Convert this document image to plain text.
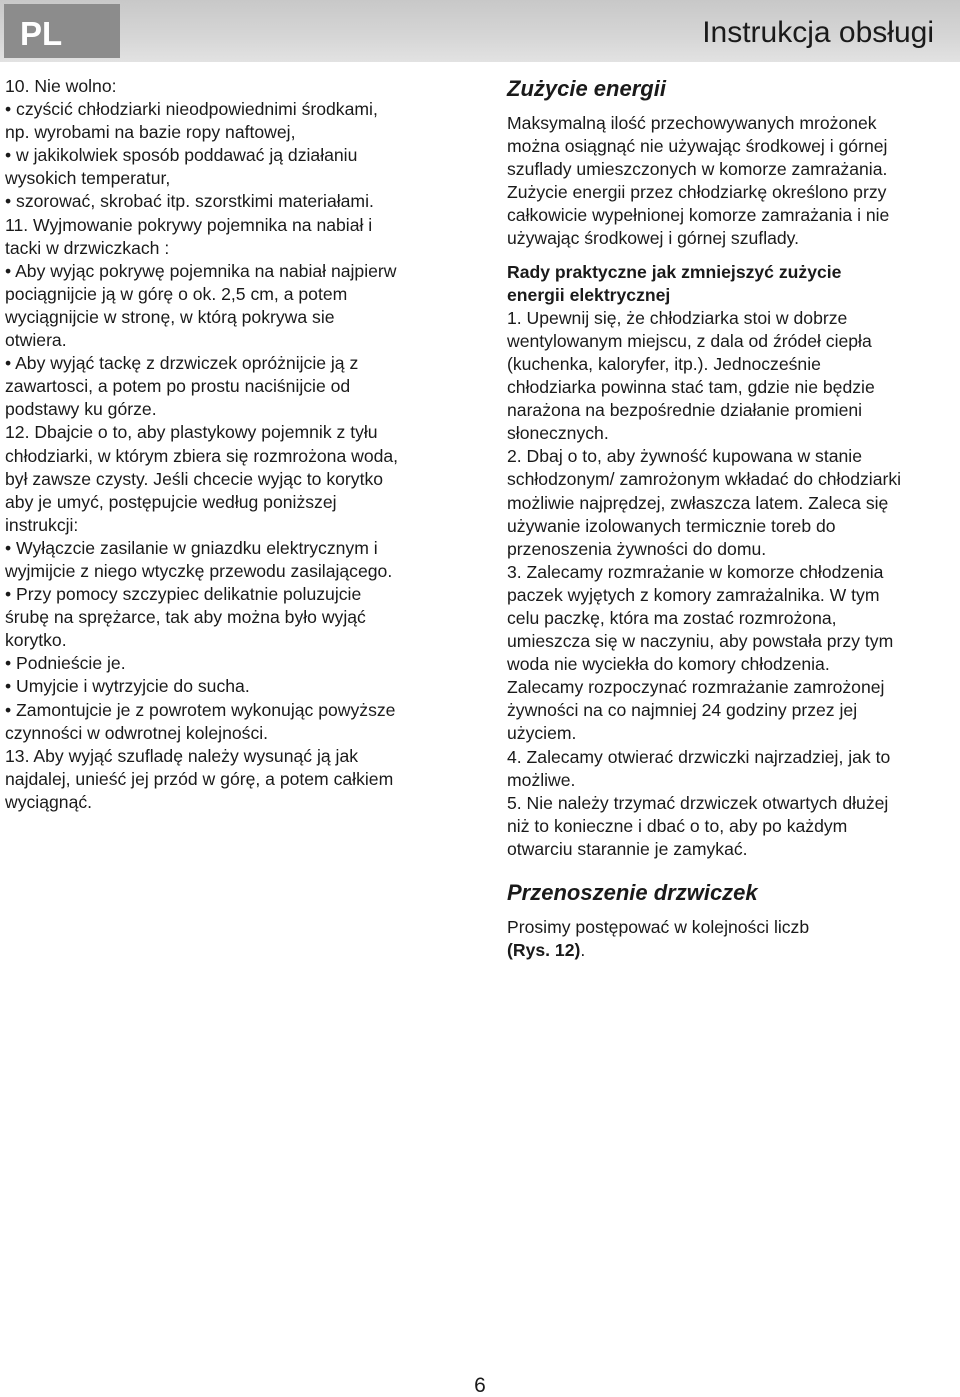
PL	Instrukcja obsługi

10. Nie wolno:

• czyścić chłodziarki nieodpowiednimi środkami,

np. wyrobami na bazie ropy naftowej,

• w jakikolwiek sposób poddawać ją działaniu

wysokich temperatur,

• szorować, skrobać itp. szorstkimi materiałami.

11. Wyjmowanie pokrywy pojemnika na nabiał i

tacki w drzwiczkach :

• Aby wyjąc pokrywę pojemnika na nabiał najpierw

pociągnijcie ją w górę o ok. 2,5 cm, a potem

wyciągnijcie w stronę, w którą pokrywa sie

otwiera.

• Aby wyjąć tackę z drzwiczek opróżnijcie ją z

zawartosci, a potem po prostu naciśnijcie od

podstawy ku górze.

12. Dbajcie o to, aby plastykowy pojemnik z tyłu

chłodziarki, w którym zbiera się rozmrożona woda,

był zawsze czysty. Jeśli chcecie wyjąc to korytko

aby je umyć, postępujcie według poniższej

instrukcji:

• Wyłączcie zasilanie w gniazdku elektrycznym i

wyjmijcie z niego wtyczkę przewodu zasilającego.

• Przy pomocy szczypiec delikatnie poluzujcie

śrubę na sprężarce, tak aby można było wyjąć

korytko.

• Podnieście je.

• Umyjcie i wytrzyjcie do sucha.

• Zamontujcie je z powrotem wykonując powyższe

czynności w odwrotnej kolejności.

13. Aby wyjąć szufladę należy wysunąć ją jak

najdalej, unieść jej przód w górę, a potem całkiem

wyciągnąć.

Zużycie energii

Maksymalną ilość przechowywanych mrożonek

można osiągnąć nie używając środkowej i górnej

szuflady umieszczonych w komorze zamrażania.

Zużycie energii przez chłodziarkę określono przy

całkowicie wypełnionej komorze zamrażania i nie

używając środkowej i górnej szuflady.

Rady praktyczne jak zmniejszyć zużycie

energii elektrycznej

1. Upewnij się, że chłodziarka stoi w dobrze

wentylowanym miejscu, z dala od źródeł ciepła

(kuchenka, kaloryfer, itp.). Jednocześnie

chłodziarka powinna stać tam, gdzie nie będzie

narażona na bezpośrednie działanie promieni

słonecznych.

2. Dbaj o to, aby żywność kupowana w stanie

schłodzonym/ zamrożonym wkładać do chłodziarki

możliwie najprędzej, zwłaszcza latem. Zaleca się

używanie izolowanych termicznie toreb do

przenoszenia żywności do domu.

3. Zalecamy rozmrażanie w komorze chłodzenia

paczek wyjętych z komory zamrażalnika. W tym

celu paczkę, która ma zostać rozmrożona,

umieszcza się w naczyniu, aby powstała przy tym

woda nie wyciekła do komory chłodzenia.

Zalecamy rozpoczynać rozmrażanie zamrożonej

żywności na co najmniej 24 godziny przez jej

użyciem.

4. Zalecamy otwierać drzwiczki najrzadziej, jak to

możliwe.

5. Nie należy trzymać drzwiczek otwartych dłużej

niż to konieczne i dbać o to, aby po każdym

otwarciu starannie je zamykać.

Przenoszenie drzwiczek

Prosimy postępować w kolejności liczb

(Rys. 12).

6
